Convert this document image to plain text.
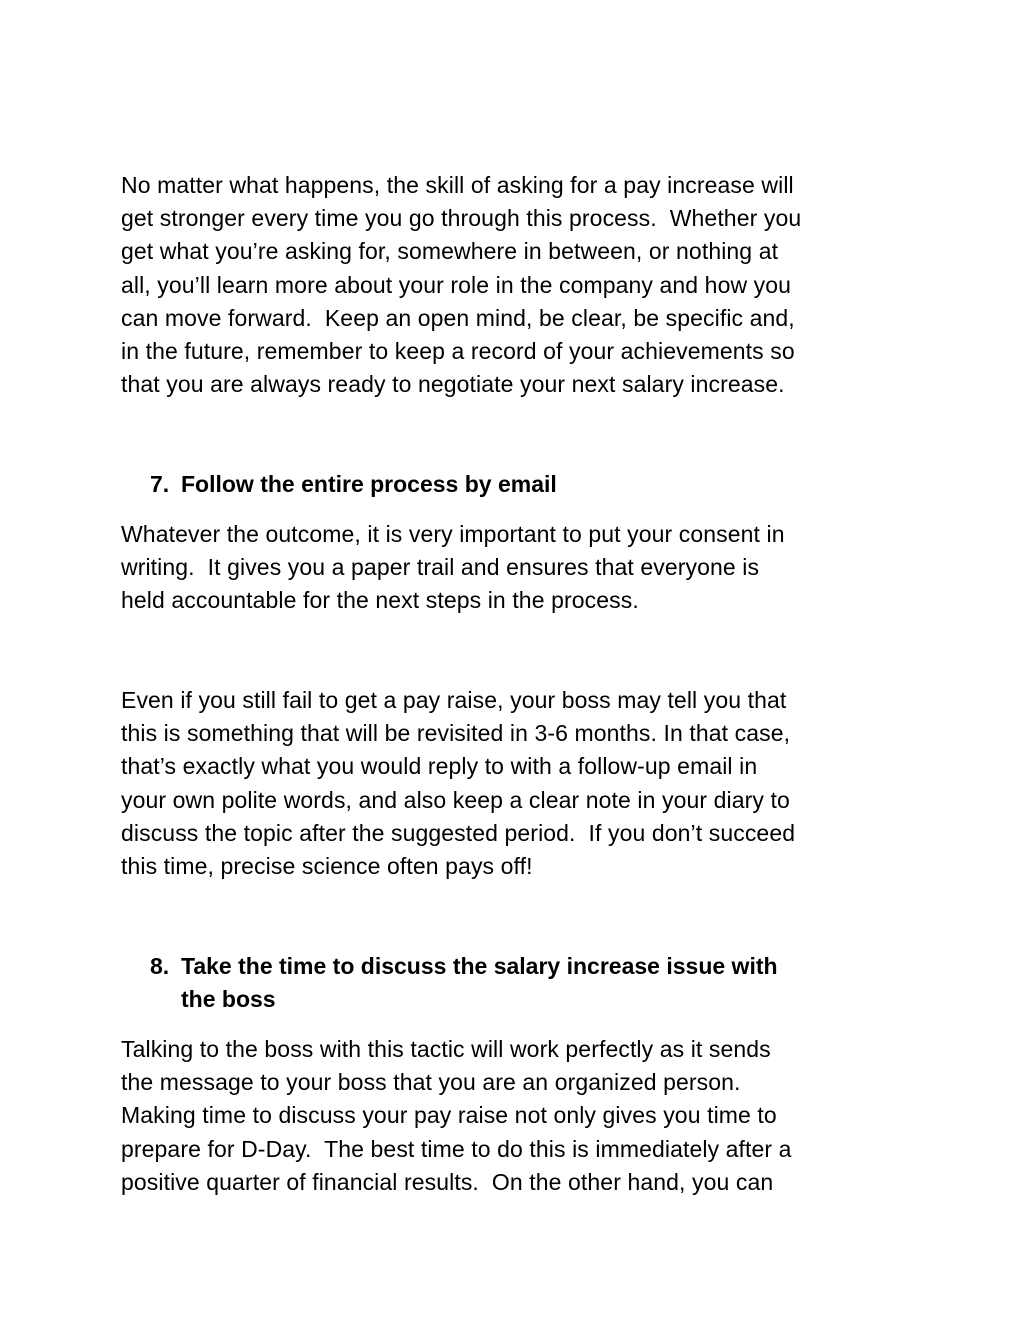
No matter what happens, the skill of asking for a pay increase will
get stronger every time you go through this process.  Whether you
get what you’re asking for, somewhere in between, or nothing at
all, you’ll learn more about your role in the company and how you
can move forward.  Keep an open mind, be clear, be specific and,
in the future, remember to keep a record of your achievements so
that you are always ready to negotiate your next salary increase.

7. Follow the entire process by email

Whatever the outcome, it is very important to put your consent in
writing.  It gives you a paper trail and ensures that everyone is
held accountable for the next steps in the process.

Even if you still fail to get a pay raise, your boss may tell you that
this is something that will be revisited in 3-6 months. In that case,
that’s exactly what you would reply to with a follow-up email in
your own polite words, and also keep a clear note in your diary to
discuss the topic after the suggested period.  If you don’t succeed
this time, precise science often pays off!

8. Take the time to discuss the salary increase issue with
the boss

Talking to the boss with this tactic will work perfectly as it sends
the message to your boss that you are an organized person.
Making time to discuss your pay raise not only gives you time to
prepare for D-Day.  The best time to do this is immediately after a
positive quarter of financial results.  On the other hand, you can
